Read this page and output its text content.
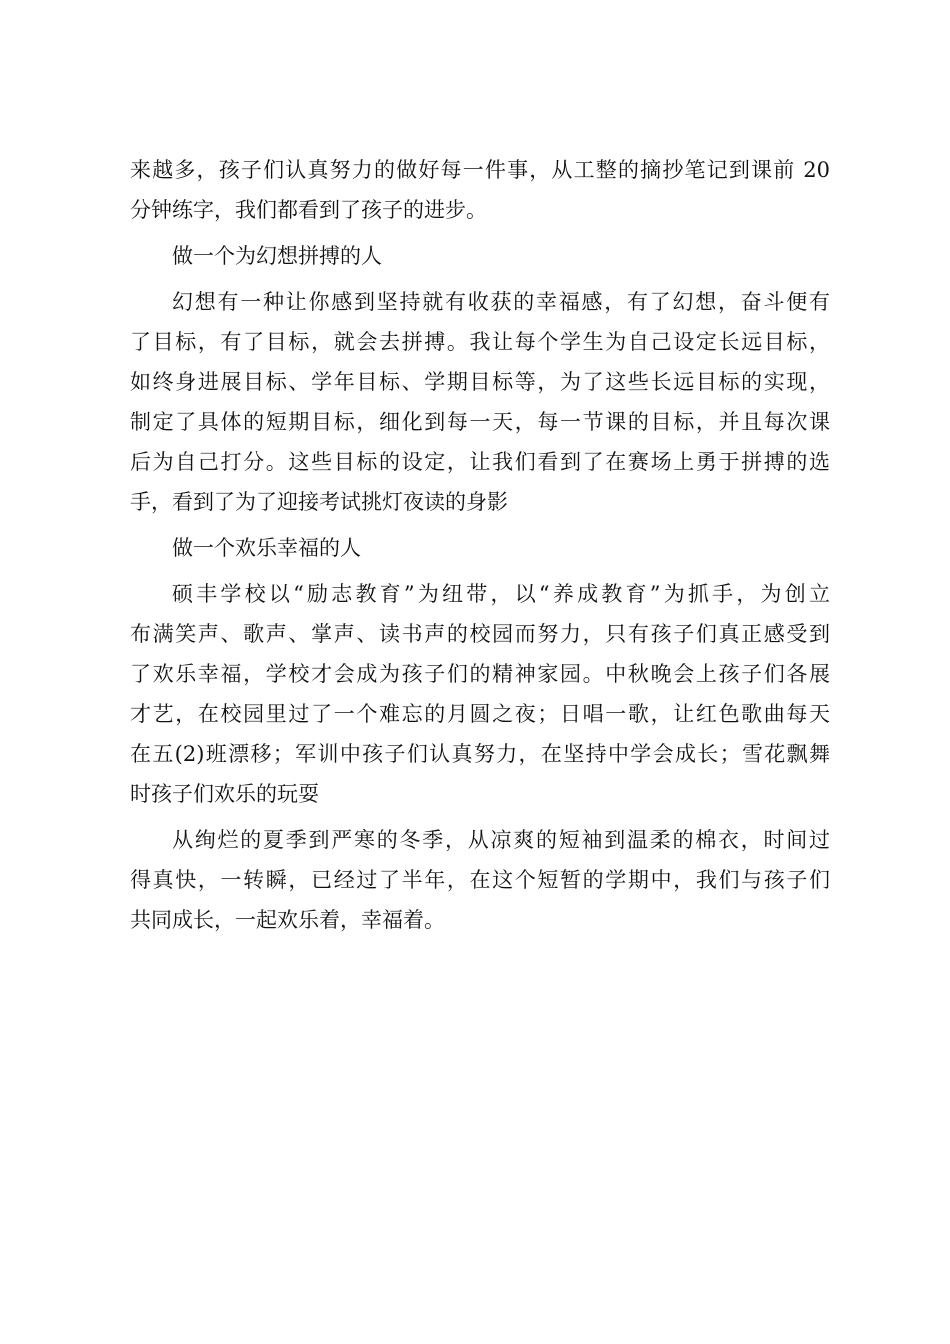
来越多，孩子们认真努力的做好每一件事，从工整的摘抄笔记到课前 20
分钟练字，我们都看到了孩子的进步。
做一个为幻想拼搏的人
幻想有一种让你感到坚持就有收获的幸福感，有了幻想，奋斗便有
了目标，有了目标，就会去拼搏。我让每个学生为自己设定长远目标，
如终身进展目标、学年目标、学期目标等，为了这些长远目标的实现，
制定了具体的短期目标，细化到每一天，每一节课的目标，并且每次课
后为自己打分。这些目标的设定，让我们看到了在赛场上勇于拼搏的选
手，看到了为了迎接考试挑灯夜读的身影
做一个欢乐幸福的人
硕丰学校以“励志教育”为纽带，以“养成教育”为抓手，为创立
布满笑声、歌声、掌声、读书声的校园而努力，只有孩子们真正感受到
了欢乐幸福，学校才会成为孩子们的精神家园。中秋晚会上孩子们各展
才艺，在校园里过了一个难忘的月圆之夜；日唱一歌，让红色歌曲每天
在五(2)班漂移；军训中孩子们认真努力，在坚持中学会成长；雪花飘舞
时孩子们欢乐的玩耍
从绚烂的夏季到严寒的冬季，从凉爽的短袖到温柔的棉衣，时间过
得真快，一转瞬，已经过了半年，在这个短暂的学期中，我们与孩子们
共同成长，一起欢乐着，幸福着。
